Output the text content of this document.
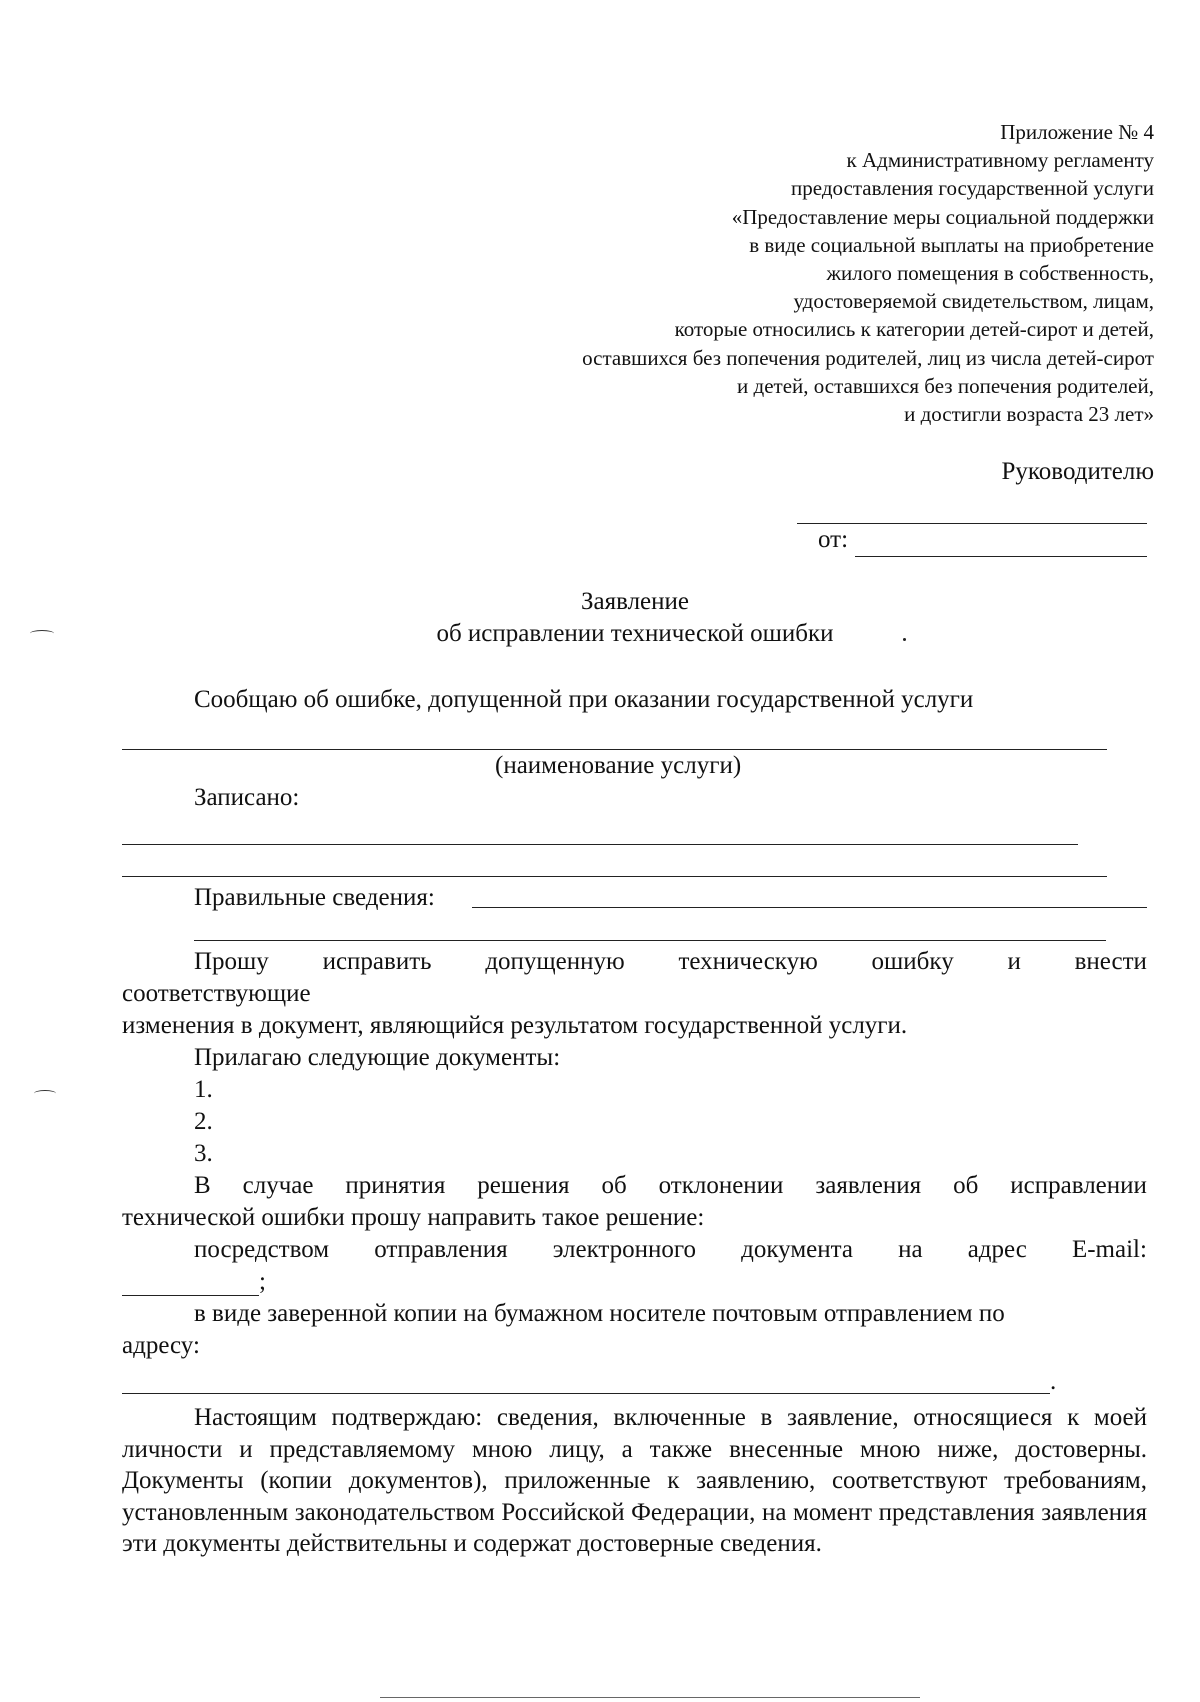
Приложение № 4
к Административному регламенту
предоставления государственной услуги
«Предоставление меры социальной поддержки
в виде социальной выплаты на приобретение
жилого помещения в собственность,
удостоверяемой свидетельством, лицам,
которые относились к категории детей-сирот и детей,
оставшихся без попечения родителей, лиц из числа детей-сирот
и детей, оставшихся без попечения родителей,
и достигли возраста 23 лет»
Руководителю
от:
Заявление
об исправлении технической ошибки
Сообщаю об ошибке, допущенной при оказании государственной услуги
(наименование услуги)
Записано:
Правильные сведения:
Прошу исправить допущенную техническую ошибку и внести
соответствующие
изменения в документ, являющийся результатом государственной услуги.
Прилагаю следующие документы:
1.
2.
3.
В случае принятия решения об отклонении заявления об исправлении
технической ошибки прошу направить такое решение:
посредством отправления электронного документа на адрес E-mail:
;
в виде заверенной копии на бумажном носителе почтовым отправлением по
адресу:
.
Настоящим подтверждаю: сведения, включенные в заявление, относящиеся к моей личности и представляемому мною лицу, а также внесенные мною ниже, достоверны. Документы (копии документов), приложенные к заявлению, соответствуют требованиям, установленным законодательством Российской Федерации, на момент представления заявления эти документы действительны и содержат достоверные сведения.
